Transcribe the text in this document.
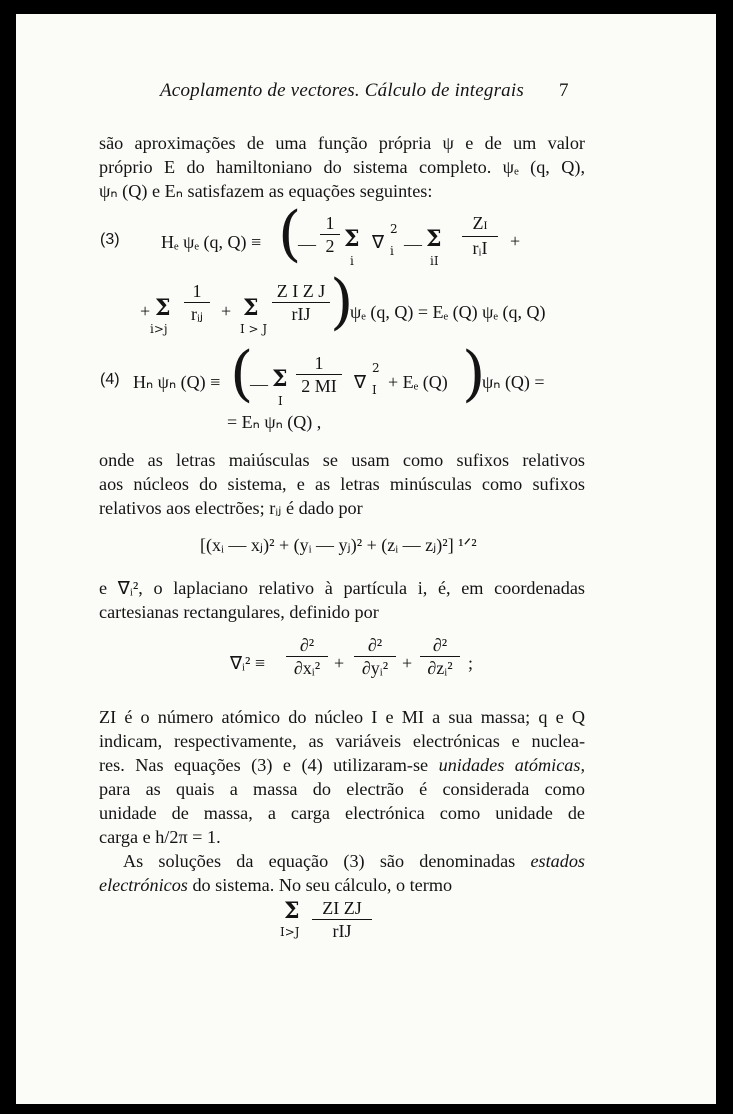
Acoplamento de vectores. Cálculo de integrais 7
são aproximações de uma função própria ψ e de um valor
próprio E do hamiltoniano do sistema completo. ψₑ (q, Q),
ψₙ (Q) e Eₙ satisfazem as equações seguintes:
(3) Hₑ ψₑ (q, Q) ≡ (
— $\frac{1}{2}$ Σ
i
∇
2
i — Σ
iI
ZI
rᵢI	+
+ Σ
i>j
1
rᵢⱼ + Σ
I > J
Z I Z J
rIJ )
ψₑ (q, Q) = Eₑ (Q) ψₑ (q, Q)
(4) Hₙ ψₙ (Q) ≡ (
— Σ
I
$\frac{1}{2 MI}$ ∇
2
I + Eₑ (Q) )
ψₙ (Q) =
= Eₙ ψₙ (Q) ,
onde as letras maiúsculas se usam como sufixos relativos
aos núcleos do sistema, e as letras minúsculas como sufixos
relativos aos electrões; rᵢⱼ é dado por
[(xᵢ — xⱼ)² + (yᵢ — yⱼ)² + (zᵢ — zⱼ)²] ¹ᐟ²
e ∇ᵢ², o laplaciano relativo à partícula i, é, em coordenadas
cartesianas rectangulares, definido por
∇ᵢ² ≡
∂²
∂xᵢ² +
∂²
∂yᵢ² +
∂²
∂zᵢ² ;
ZI é o número atómico do núcleo I e MI a sua massa; q e Q
indicam, respectivamente, as variáveis electrónicas e nuclea-
res. Nas equações (3) e (4) utilizaram-se unidades atómicas,
para as quais a massa do electrão é considerada como
unidade de massa, a carga electrónica como unidade de
carga e h/2π = 1.
As soluções da equação (3) são denominadas estados
electrónicos do sistema. No seu cálculo, o termo
Σ
I>J
ZI ZJ
rIJ
